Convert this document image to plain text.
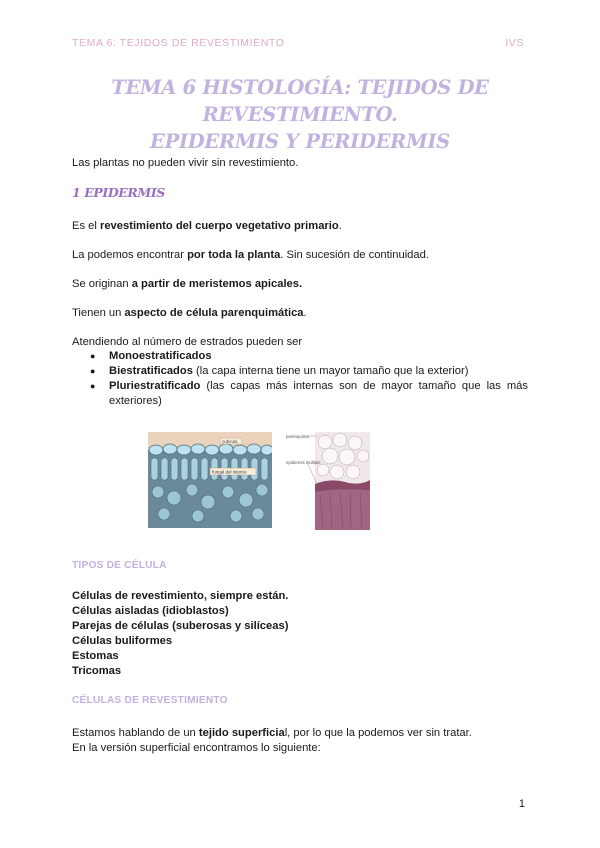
TEMA 6: TEJIDOS DE REVESTIMIENTO	IVS
TEMA 6 HISTOLOGÍA: TEJIDOS DE REVESTIMIENTO.
EPIDERMIS Y PERIDERMIS
Las plantas no pueden vivir sin revestimiento.
1 EPIDERMIS
Es el revestimiento del cuerpo vegetativo primario.
La podemos encontrar por toda la planta. Sin sucesión de continuidad.
Se originan a partir de meristemos apicales.
Tienen un aspecto de célula parenquimática.
Atendiendo al número de estrados pueden ser
● Monoestratificados
● Biestratificados (la capa interna tiene un mayor tamaño que la exterior)
● Pluriestratificado (las capas más internas son de mayor tamaño que las más exteriores)
cutícula
fungal del interno
parénquima
epidermis múltiple
TIPOS DE CÉLULA
Células de revestimiento, siempre están.
Células aisladas (idioblastos)
Parejas de células (suberosas y silíceas)
Células buliformes
Estomas
Tricomas
CÉLULAS DE REVESTIMIENTO
Estamos hablando de un tejido superficial, por lo que la podemos ver sin tratar.
En la versión superficial encontramos lo siguiente:
1
